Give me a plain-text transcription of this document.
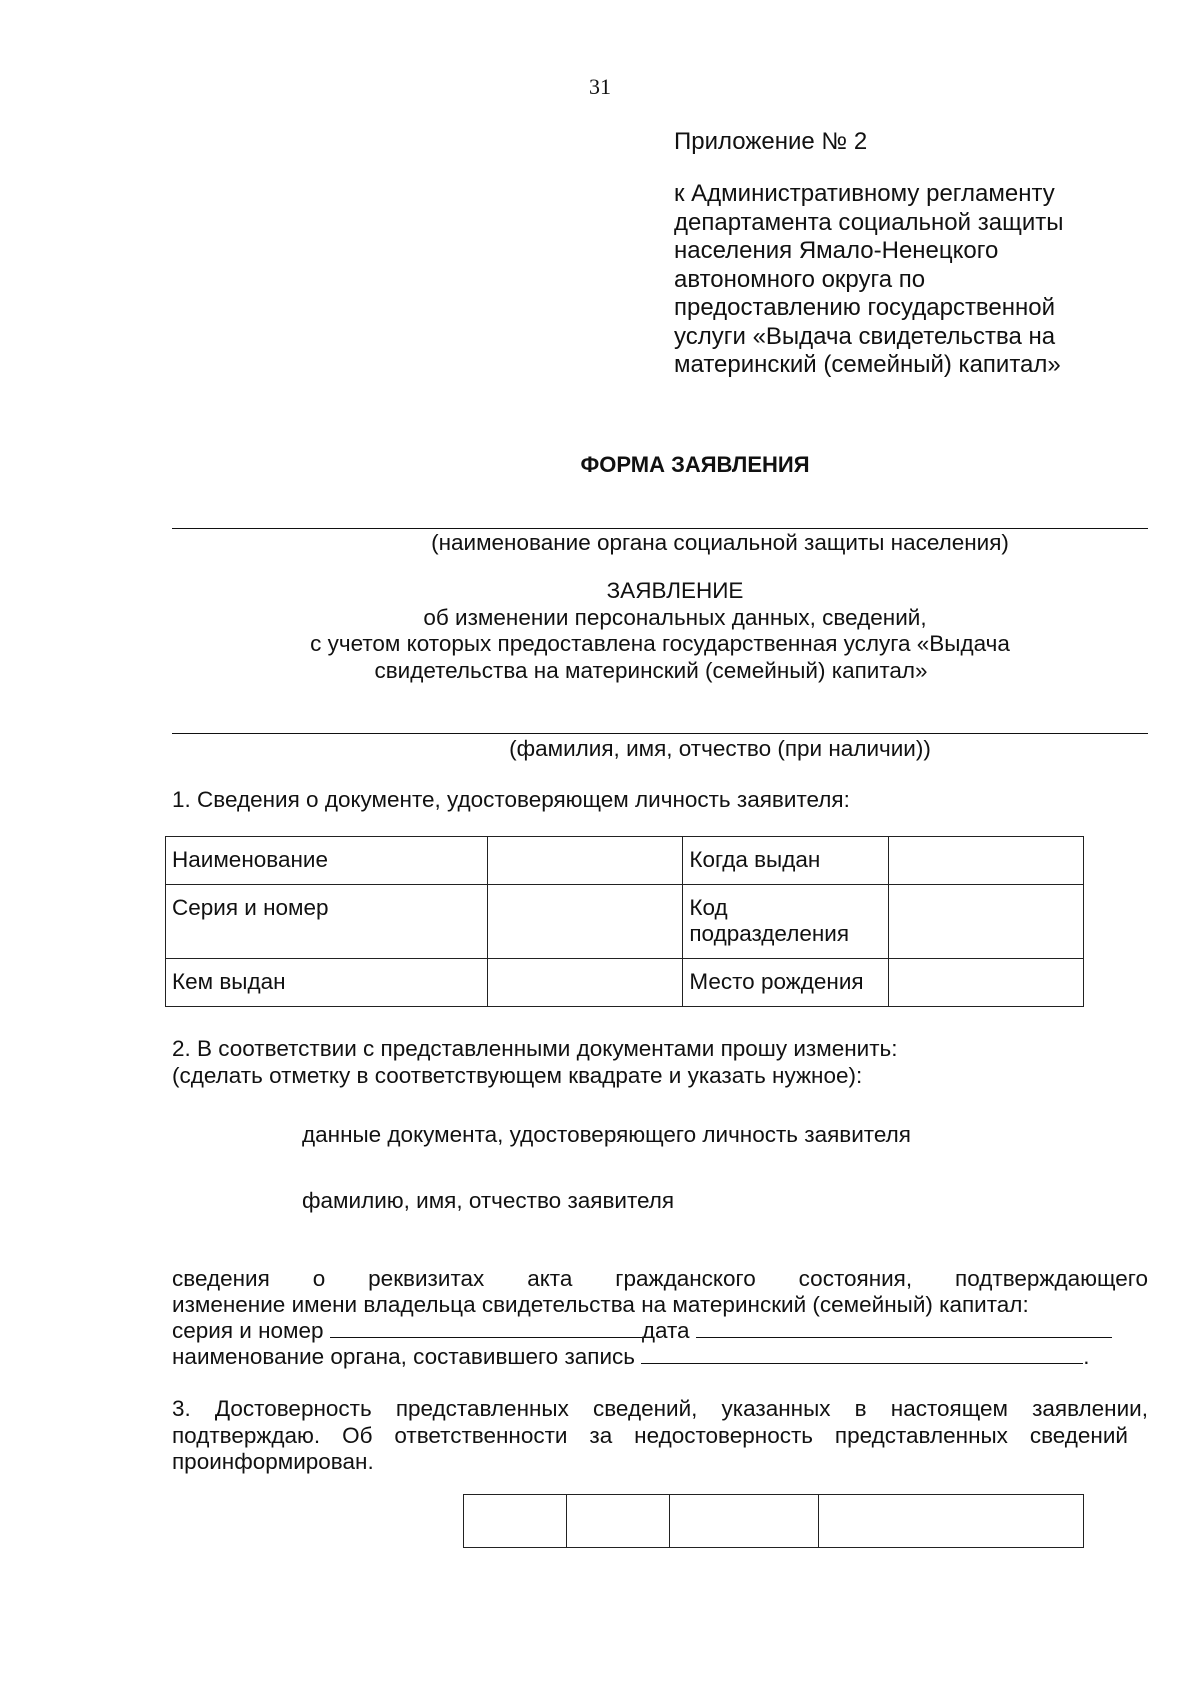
31
Приложение № 2
к Административному регламенту
департамента социальной защиты
населения Ямало-Ненецкого
автономного округа по
предоставлению государственной
услуги «Выдача свидетельства на
материнский (семейный) капитал»
ФОРМА ЗАЯВЛЕНИЯ
(наименование органа социальной защиты населения)
ЗАЯВЛЕНИЕ
об изменении персональных данных, сведений,
с учетом которых предоставлена государственная услуга «Выдача
свидетельства на материнский (семейный) капитал»
(фамилия, имя, отчество (при наличии))
1. Сведения о документе, удостоверяющем личность заявителя:
Наименование		Когда выдан	
Серия и номер		Код подразделения	
Кем выдан		Место рождения	
2. В соответствии с представленными документами прошу изменить:
(сделать отметку в соответствующем квадрате и указать нужное):
данные документа, удостоверяющего личность заявителя
фамилию, имя, отчество заявителя
сведения о реквизитах акта гражданского состояния, подтверждающего
изменение имени владельца свидетельства на материнский (семейный) капитал:
серия и номер	дата
наименование органа, составившего запись	.
3. Достоверность представленных сведений, указанных в настоящем заявлении,
подтверждаю. Об ответственности за недостоверность представленных сведений
проинформирован.
